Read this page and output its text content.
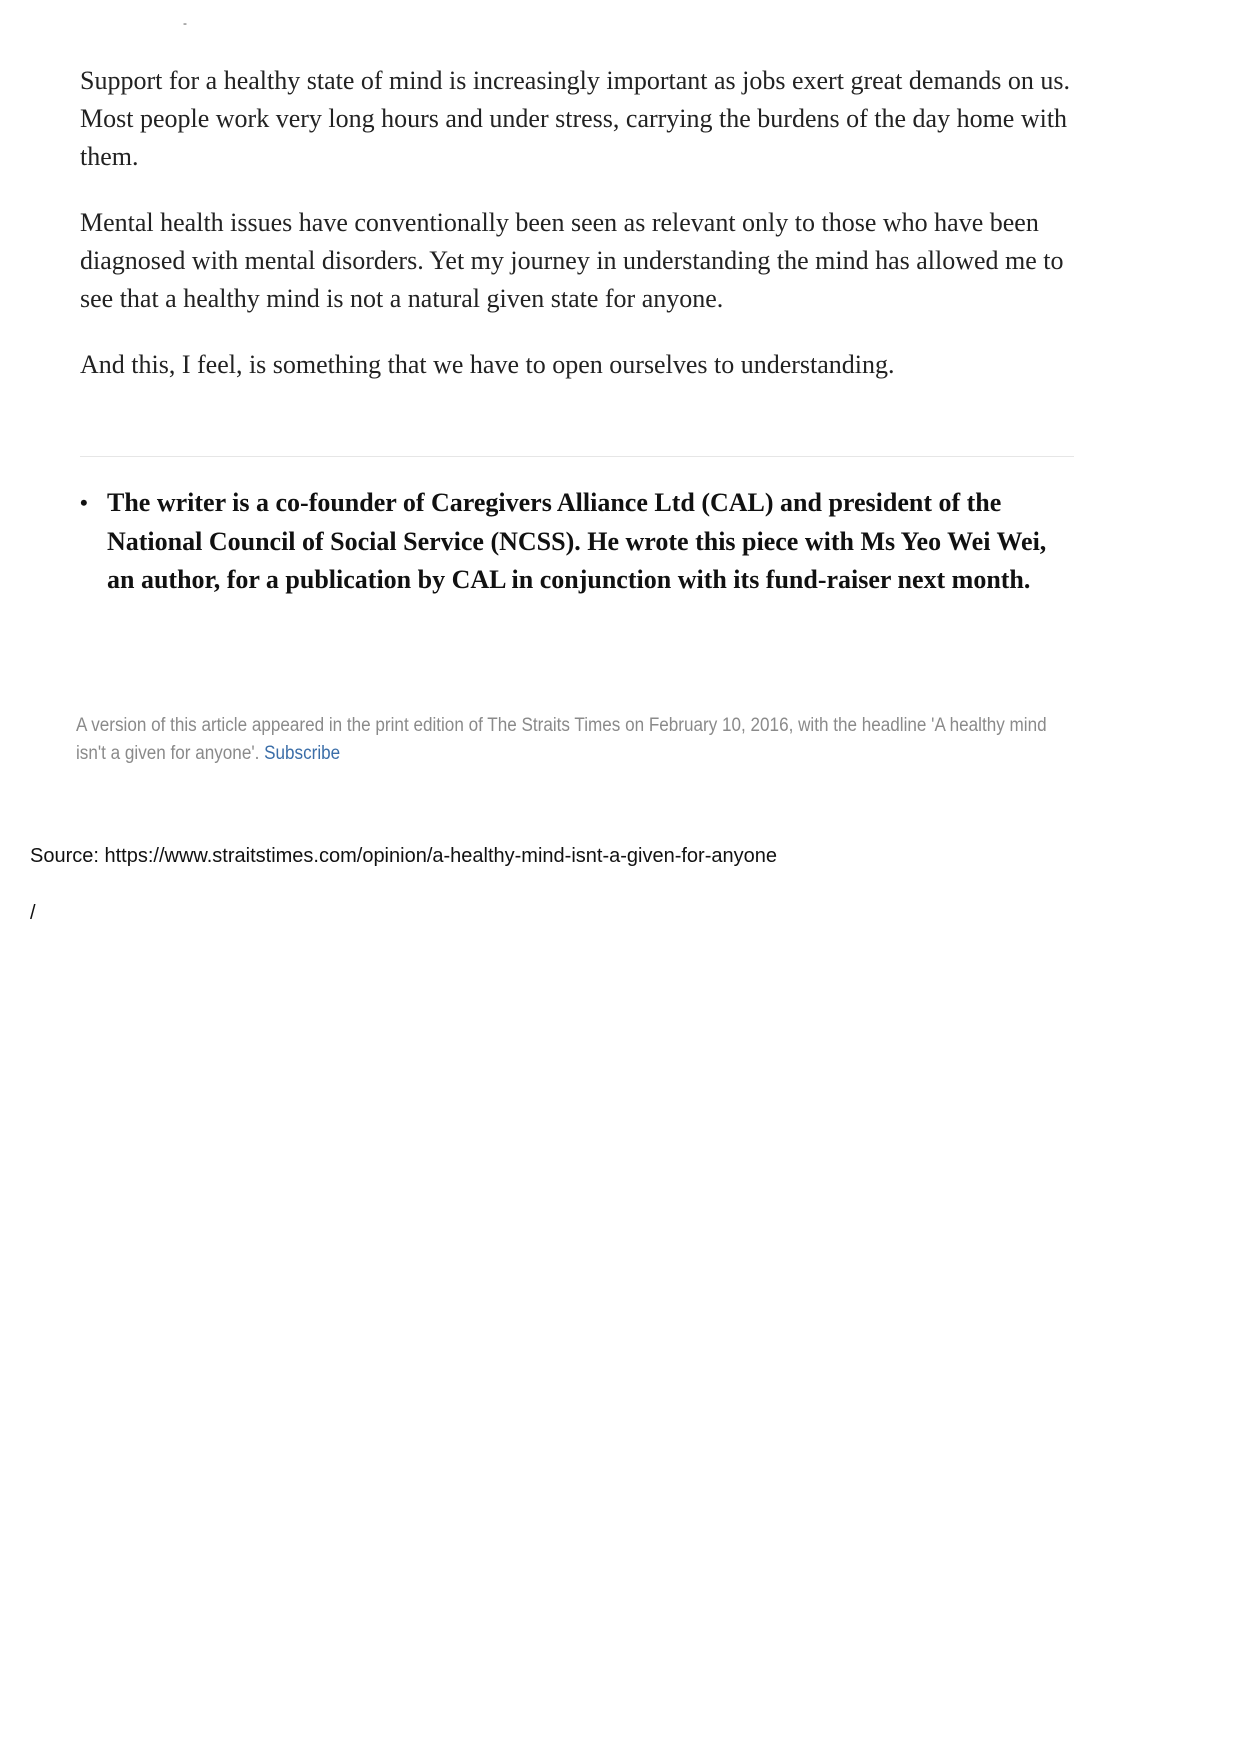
-

Support for a healthy state of mind is increasingly important as jobs exert great demands on us. Most people work very long hours and under stress, carrying the burdens of the day home with them.

Mental health issues have conventionally been seen as relevant only to those who have been diagnosed with mental disorders. Yet my journey in understanding the mind has allowed me to see that a healthy mind is not a natural given state for anyone.

And this, I feel, is something that we have to open ourselves to understanding.

• The writer is a co-founder of Caregivers Alliance Ltd (CAL) and president of the National Council of Social Service (NCSS). He wrote this piece with Ms Yeo Wei Wei, an author, for a publication by CAL in conjunction with its fund-raiser next month.
A version of this article appeared in the print edition of The Straits Times on February 10, 2016, with the headline 'A healthy mind isn't a given for anyone'. Subscribe
Source: https://www.straitstimes.com/opinion/a-healthy-mind-isnt-a-given-for-anyone
/
